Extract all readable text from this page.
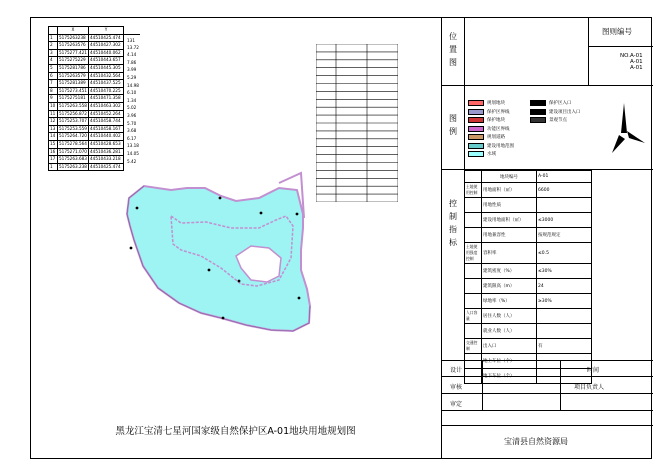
	X	Y	
1	5175263238	44510425.474	131

2	5175263576	44510427.302	13.72

3	5175277.421	44510440.062	4.14

4	5175275229	44510443.657	7.86

5	5175281786	44510445.305	3.99

6	5175263579	44510432.564	5.29

7	5175281389	44510437.525	14.98

8	5175273.451	44510470.225	6.10

9	5175275181	44510471.358	1.34

10	5175263.558	44510463.302	5.02

11	5175256.872	44510452.264	3.96

12	5175253.707	44510458.744	5.70

13	5175253.559	44510458.167	3.68

14	5175264.720	44510440.402	6.17

15	5175278.564	44510428.653	13.18

16	5175271.070	44510436.281	14.05

17	5175263.683	44510433.218	5.42

1	5175263.238	44510425.474	
黑龙江宝清七星河国家级自然保护区A-01地块用地规划图
位
置
图
图则编号
NO.A-01
A-01
A-01
图
例
规划地块
保护区界线
保护地块
功能区界线
规划道路
建设用地范围
水域
保护区入口
建设项目出入口
景观节点
控
制
指
标
	地块编号	A-01
土地使用控制	用地面积（㎡）	6600
	用地性质	
	建设用地面积（㎡）	≤3000
	用地兼容性	按规范规定
土地使用强度控制	容积率	≤0.5
	建筑密度（%）	≤30%
	建筑限高（m）	24
	绿地率（%）	≥30%
人口容量	居住人数（人）	
	就业人数（人）	
交通控制	出入口	有
	地上车位（个）	
	地下车位（个）	
设计
审核
审定
时间
项目负责人
宝清县自然资源局
